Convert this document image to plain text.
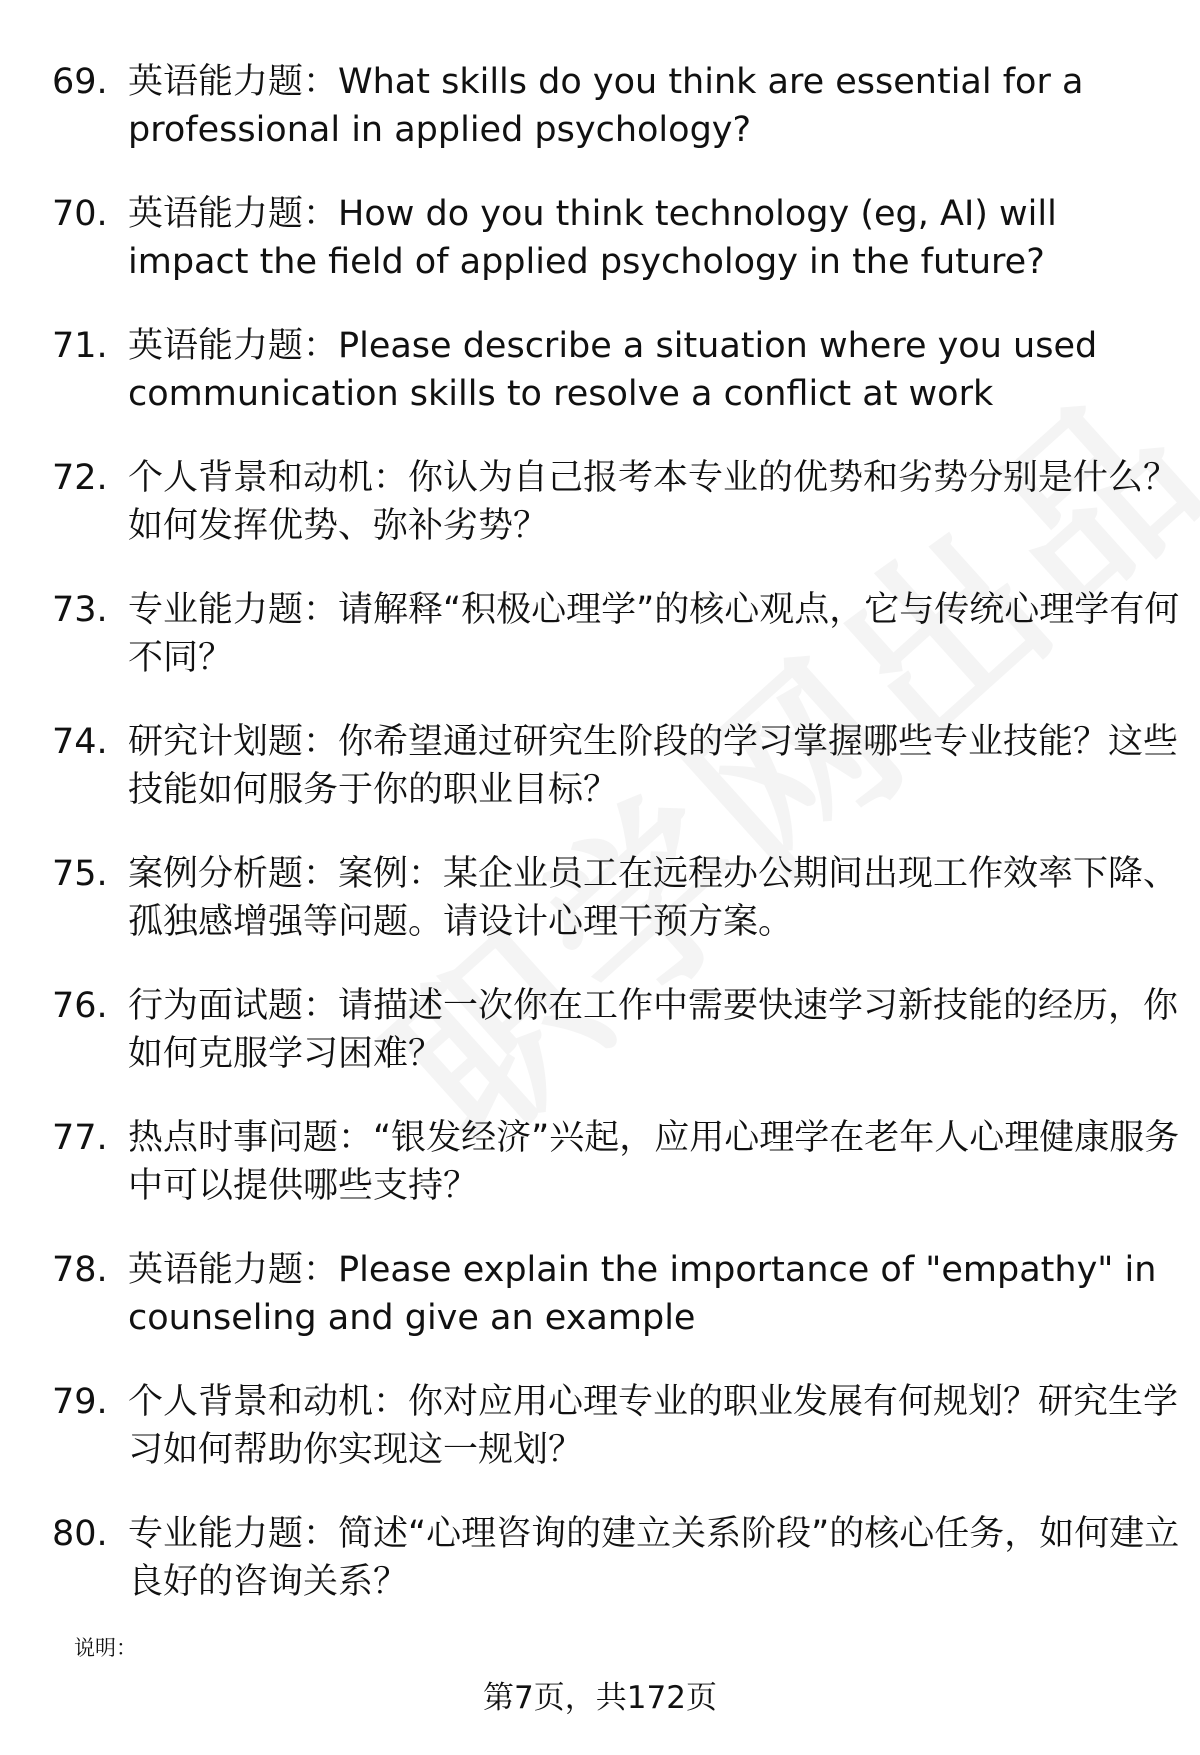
69. 英语能力题：What skills do you think are essential for a professional in applied psychology?
70. 英语能力题：How do you think technology (eg, AI) will impact the field of applied psychology in the future?
71. 英语能力题：Please describe a situation where you used communication skills to resolve a conflict at work
72. 个人背景和动机：你认为自己报考本专业的优势和劣势分别是什么？如何发挥优势、弥补劣势？
73. 专业能力题：请解释“积极心理学”的核心观点，它与传统心理学有何不同？
74. 研究计划题：你希望通过研究生阶段的学习掌握哪些专业技能？这些技能如何服务于你的职业目标？
75. 案例分析题：案例：某企业员工在远程办公期间出现工作效率下降、孤独感增强等问题。请设计心理干预方案。
76. 行为面试题：请描述一次你在工作中需要快速学习新技能的经历，你如何克服学习困难？
77. 热点时事问题：“银发经济”兴起，应用心理学在老年人心理健康服务中可以提供哪些支持？
78. 英语能力题：Please explain the importance of "empathy" in counseling and give an example
79. 个人背景和动机：你对应用心理专业的职业发展有何规划？研究生学习如何帮助你实现这一规划？
80. 专业能力题：简述“心理咨询的建立关系阶段”的核心任务，如何建立良好的咨询关系？
说明：
第7页，共172页
